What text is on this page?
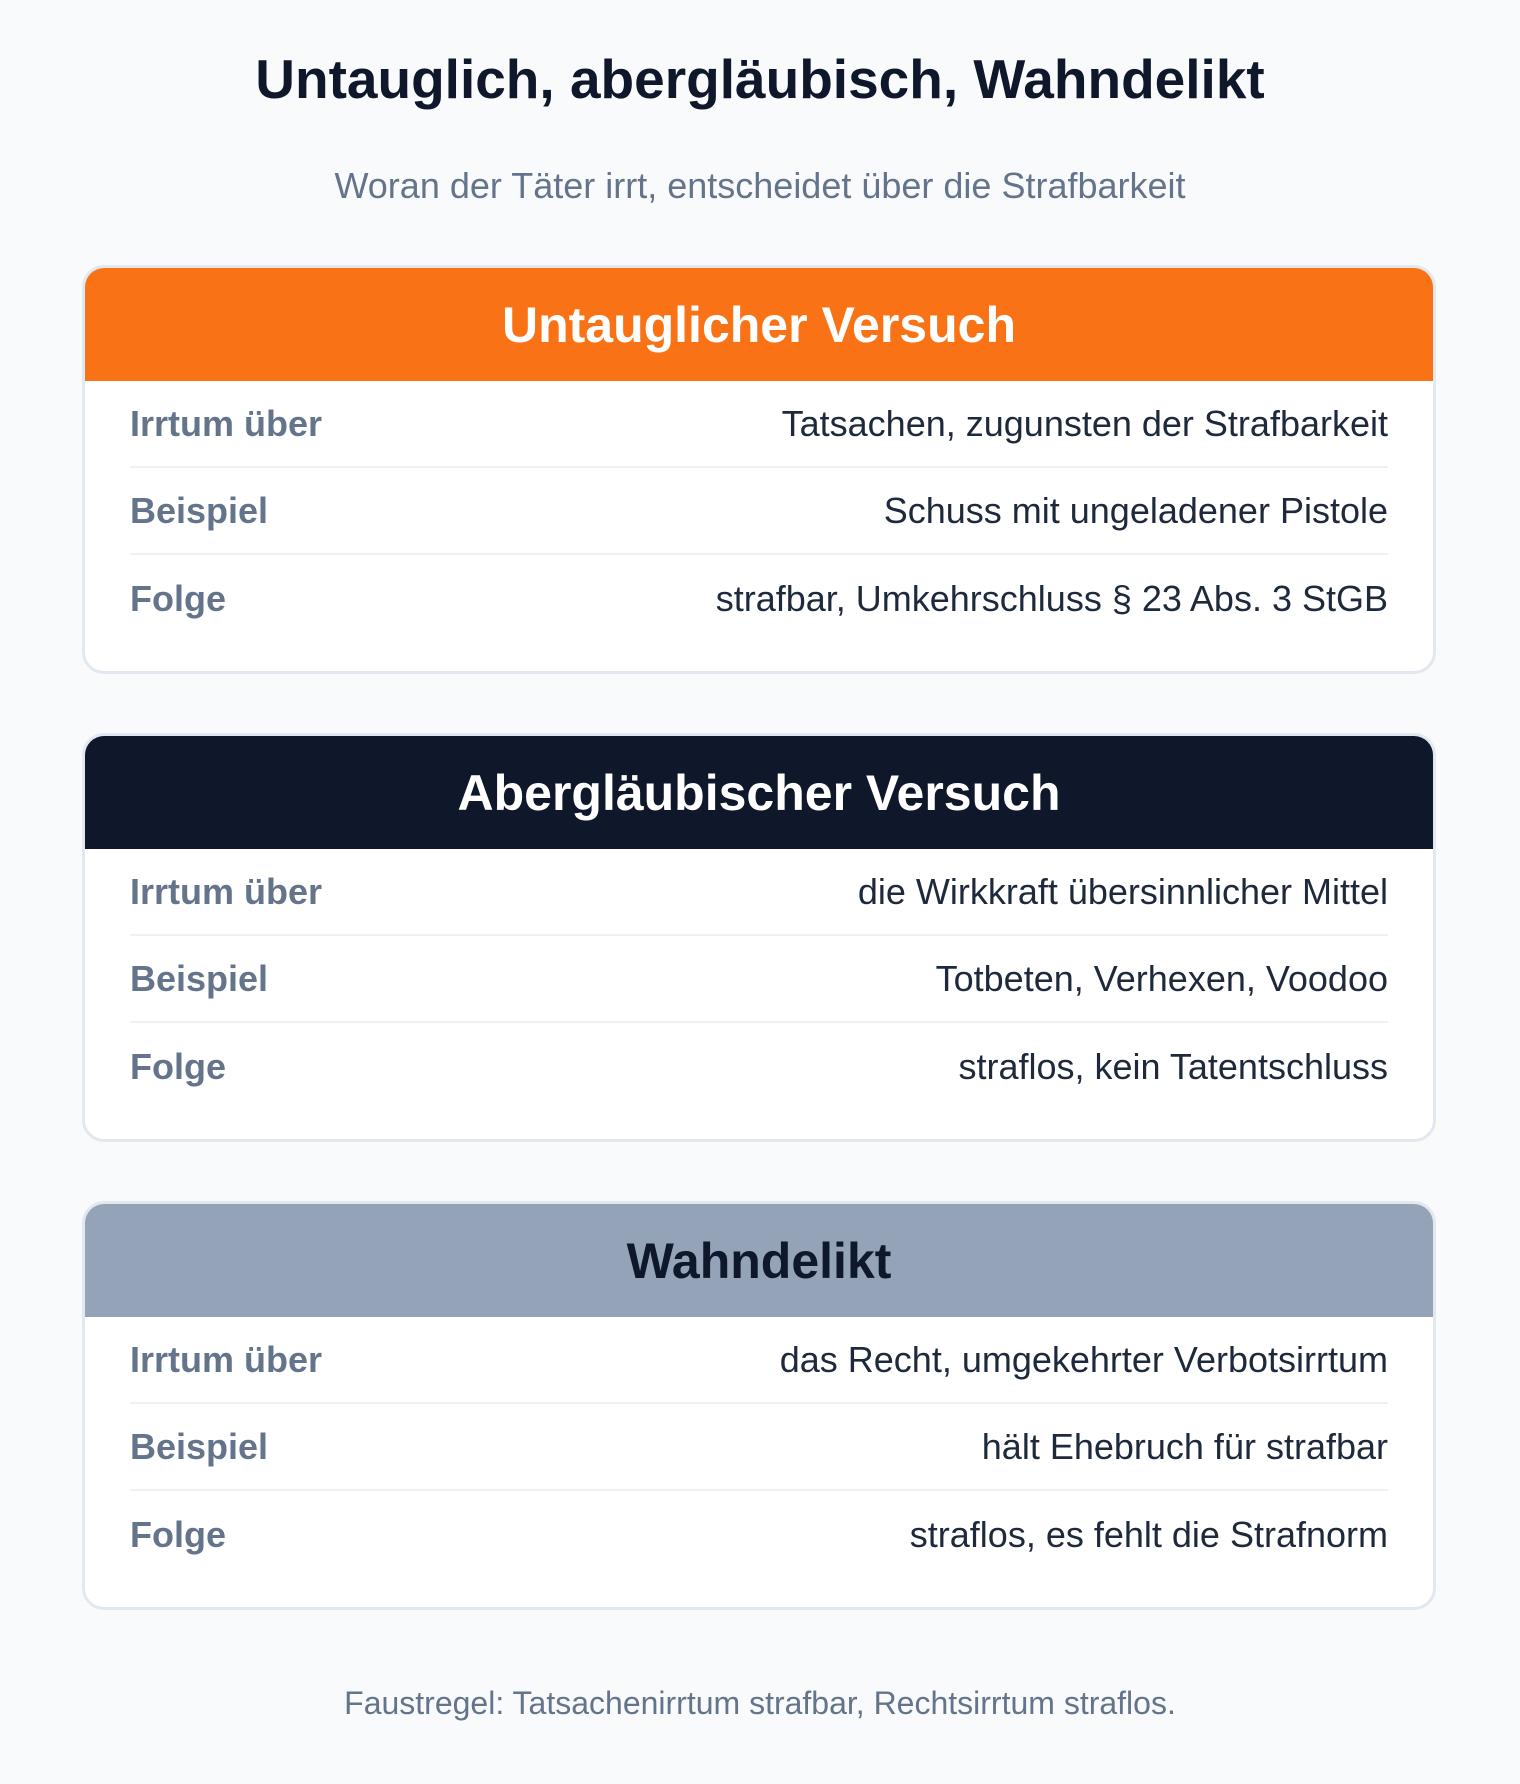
Untauglich, abergläubisch, Wahndelikt
Woran der Täter irrt, entscheidet über die Strafbarkeit
Untauglicher Versuch
Irrtum über	Tatsachen, zugunsten der Strafbarkeit
Beispiel	Schuss mit ungeladener Pistole
Folge	strafbar, Umkehrschluss § 23 Abs. 3 StGB
Abergläubischer Versuch
Irrtum über	die Wirkkraft übersinnlicher Mittel
Beispiel	Totbeten, Verhexen, Voodoo
Folge	straflos, kein Tatentschluss
Wahndelikt
Irrtum über	das Recht, umgekehrter Verbotsirrtum
Beispiel	hält Ehebruch für strafbar
Folge	straflos, es fehlt die Strafnorm
Faustregel: Tatsachenirrtum strafbar, Rechtsirrtum straflos.
